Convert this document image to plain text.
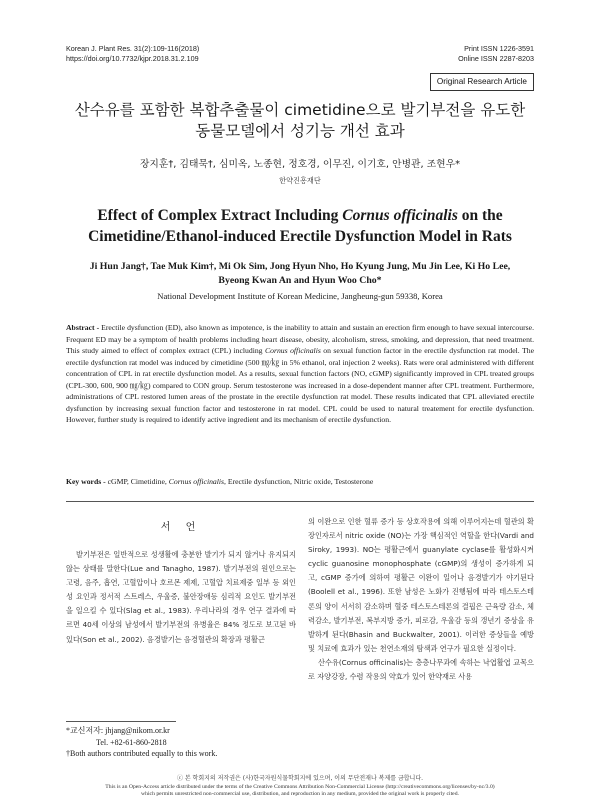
Korean J. Plant Res. 31(2):109-116(2018)
https://doi.org/10.7732/kjpr.2018.31.2.109
Print ISSN 1226-3591
Online ISSN 2287-8203
Original Research Article
산수유를 포함한 복합추출물이 cimetidine으로 발기부전을 유도한
동물모델에서 성기능 개선 효과
장지훈†, 김태묵†, 심미옥, 노종현, 정호경, 이무진, 이기호, 안병관, 조현우*
한약진흥재단
Effect of Complex Extract Including Cornus officinalis on the
Cimetidine/Ethanol-induced Erectile Dysfunction Model in Rats
Ji Hun Jang†, Tae Muk Kim†, Mi Ok Sim, Jong Hyun Nho, Ho Kyung Jung, Mu Jin Lee, Ki Ho Lee,
Byeong Kwan An and Hyun Woo Cho*
National Development Institute of Korean Medicine, Jangheung-gun 59338, Korea
Abstract - Erectile dysfunction (ED), also known as impotence, is the inability to attain and sustain an erection firm enough to have sexual intercourse. Frequent ED may be a symptom of health problems including heart disease, obesity, alcoholism, stress, smoking, and depression, that need treatment. This study aimed to effect of complex extract (CPL) including Cornus officinalis on sexual function factor in the erectile dysfunction rat model. The erectile dysfunction rat model was induced by cimetidine (500 ㎎/㎏ in 5% ethanol, oral injection 2 weeks). Rats were oral administered with different concentration of CPL in rat erectile dysfunction model. As a results, sexual function factors (NO, cGMP) significantly improved in CPL treated groups (CPL-300, 600, 900 ㎎/㎏) compared to CON group. Serum testosterone was increased in a dose-dependent manner after CPL treatment. Furthermore, administrations of CPL restored lumen areas of the prostate in the erectile dysfunction rat model. These results indicated that CPL alleviated erectile dysfunction by increasing sexual function factor and testosterone in rat model. CPL could be used to natural treatement for erectile dysfunction. However, further study is required to identify active ingredient and its mechanism of erectile dysfunction.
Key words - cGMP, Cimetidine, Cornus officinalis, Erectile dysfunction, Nitric oxide, Testosterone
서 언

발기부전은 일반적으로 성생활에 충분한 발기가 되지 않거나 유지되지 않는 상태를 말한다(Lue and Tanagho, 1987). 발기부전의 원인으로는 고령, 음주, 흡연, 고혈압이나 호르몬 제제, 고혈압 치료제중 일부 등 외인성 요인과 정서적 스트레스, 우울증, 불안장애등 심리적 요인도 발기부전을 일으킬 수 있다(Slag et al., 1983). 우리나라의 경우 연구 결과에 따르면 40세 이상의 남성에서 발기부전의 유병율은 84% 정도로 보고된 바 있다(Son et al., 2002). 음경발기는 음경혈관의 확장과 평활근

의 이완으로 인한 혈류 증가 등 상호작용에 의해 이루어지는데 혈관의 확장인자로서 nitric oxide (NO)는 가장 핵심적인 역할을 한다(Vardi and Siroky, 1993). NO는 평활근에서 guanylate cyclase를 활성화시켜 cyclic guanosine monophosphate (cGMP)의 생성이 증가하게 되고, cGMP 증가에 의하여 평활근 이완이 일어나 음경발기가 야기된다(Boolell et al., 1996). 또한 남성은 노화가 진행됨에 따라 테스토스테론의 양이 서서히 감소하며 혈중 테스토스테론의 결핍은 근육량 감소, 체력감소, 발기부전, 복부지방 증가, 피로감, 우울감 등의 갱년기 증상을 유발하게 된다(Bhasin and Buckwalter, 2001). 이러한 증상들을 예방 및 치료에 효과가 있는 천연소재의 탐색과 연구가 필요한 실정이다.

산수유(Cornus officinalis)는 층층나무과에 속하는 낙엽활엽 교목으로 자양강장, 수렴 작용의 약효가 있어 한약재로 사용

*교신저자: jhjang@nikom.or.kr
Tel. +82-61-860-2818
†Both authors contributed equally to this work.
ⓒ 본 학회지의 저작권은 (사)한국자원식물학회지에 있으며, 이의 무단전재나 복제를 금합니다.
This is an Open-Access article distributed under the terms of the Creative Commons Attribution Non-Commercial License (http://creativecommons.org/licenses/by-nc/3.0)
which permits unrestricted non-commercial use, distribution, and reproduction in any medium, provided the original work is properly cited.
